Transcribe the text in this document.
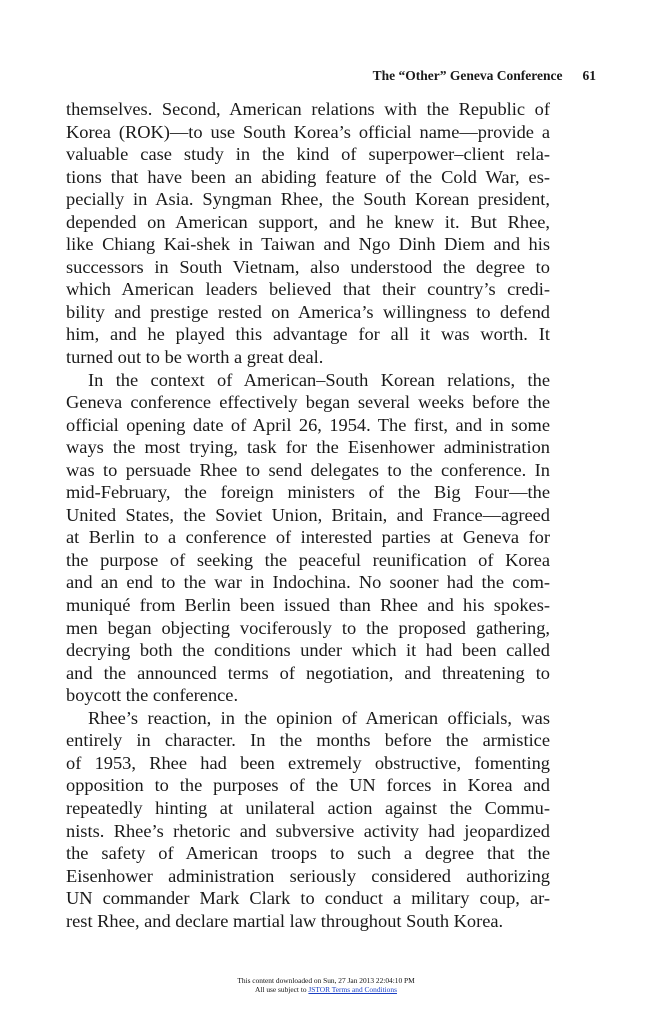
The “Other” Geneva Conference 61
themselves. Second, American relations with the Republic of
Korea (ROK)—to use South Korea’s official name—provide a
valuable case study in the kind of superpower–client rela-
tions that have been an abiding feature of the Cold War, es-
pecially in Asia. Syngman Rhee, the South Korean president,
depended on American support, and he knew it. But Rhee,
like Chiang Kai-shek in Taiwan and Ngo Dinh Diem and his
successors in South Vietnam, also understood the degree to
which American leaders believed that their country’s credi-
bility and prestige rested on America’s willingness to defend
him, and he played this advantage for all it was worth. It
turned out to be worth a great deal.
In the context of American–South Korean relations, the
Geneva conference effectively began several weeks before the
official opening date of April 26, 1954. The first, and in some
ways the most trying, task for the Eisenhower administration
was to persuade Rhee to send delegates to the conference. In
mid-February, the foreign ministers of the Big Four—the
United States, the Soviet Union, Britain, and France—agreed
at Berlin to a conference of interested parties at Geneva for
the purpose of seeking the peaceful reunification of Korea
and an end to the war in Indochina. No sooner had the com-
muniqué from Berlin been issued than Rhee and his spokes-
men began objecting vociferously to the proposed gathering,
decrying both the conditions under which it had been called
and the announced terms of negotiation, and threatening to
boycott the conference.
Rhee’s reaction, in the opinion of American officials, was
entirely in character. In the months before the armistice
of 1953, Rhee had been extremely obstructive, fomenting
opposition to the purposes of the UN forces in Korea and
repeatedly hinting at unilateral action against the Commu-
nists. Rhee’s rhetoric and subversive activity had jeopardized
the safety of American troops to such a degree that the
Eisenhower administration seriously considered authorizing
UN commander Mark Clark to conduct a military coup, ar-
rest Rhee, and declare martial law throughout South Korea.
This content downloaded on Sun, 27 Jan 2013 22:04:10 PM
All use subject to JSTOR Terms and Conditions
